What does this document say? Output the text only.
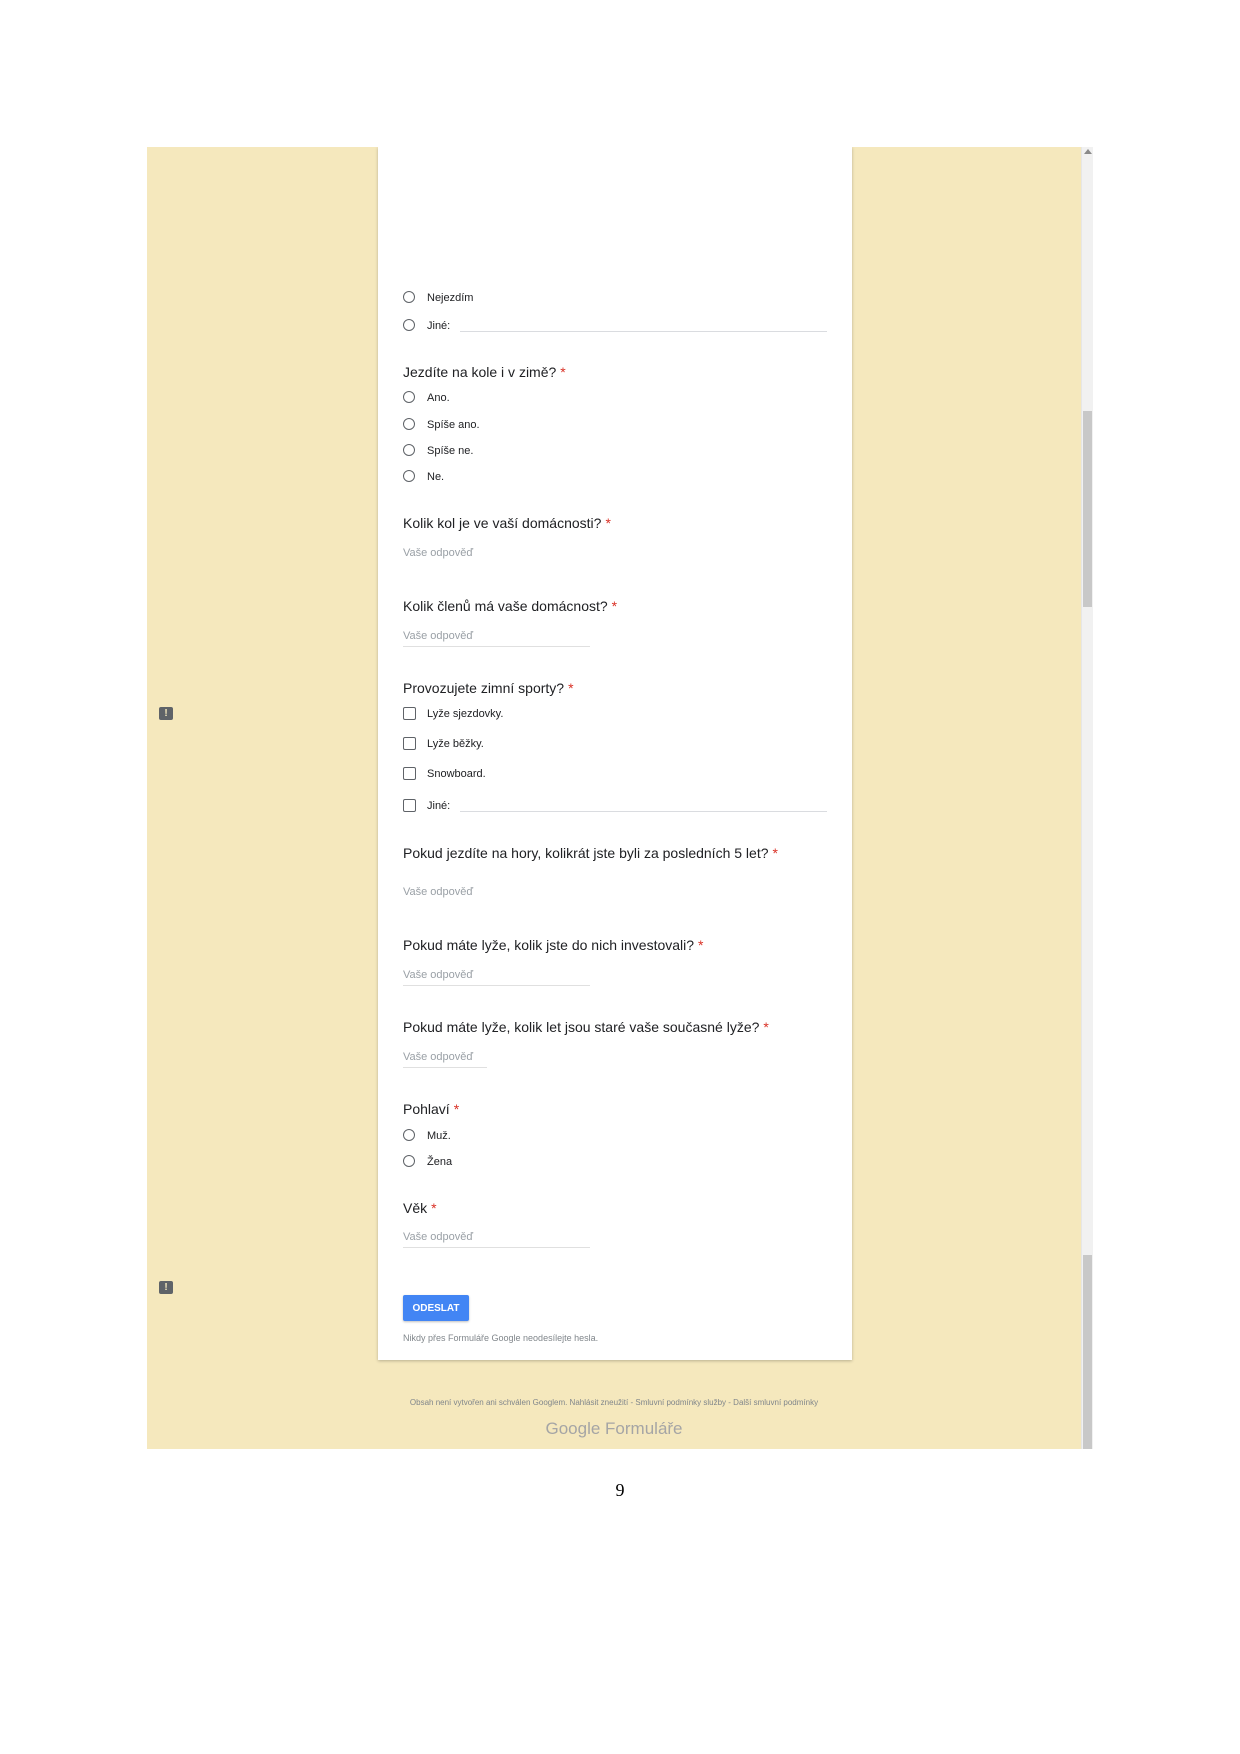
!
!
Nejezdím
Jiné:
Jezdíte na kole i v zimě? *
Ano.
Spíše ano.
Spíše ne.
Ne.
Kolik kol je ve vaší domácnosti? *
Vaše odpověď
Kolik členů má vaše domácnost? *
Vaše odpověď
Provozujete zimní sporty? *
Lyže sjezdovky.
Lyže běžky.
Snowboard.
Jiné:
Pokud jezdíte na hory, kolikrát jste byli za posledních 5 let? *
Vaše odpověď
Pokud máte lyže, kolik jste do nich investovali? *
Vaše odpověď
Pokud máte lyže, kolik let jsou staré vaše současné lyže? *
Vaše odpověď
Pohlaví *
Muž.
Žena
Věk *
Vaše odpověď
ODESLAT
Nikdy přes Formuláře Google neodesílejte hesla.
Obsah není vytvořen ani schválen Googlem. Nahlásit zneužití - Smluvní podmínky služby - Další smluvní podmínky
Google Formuláře
9
